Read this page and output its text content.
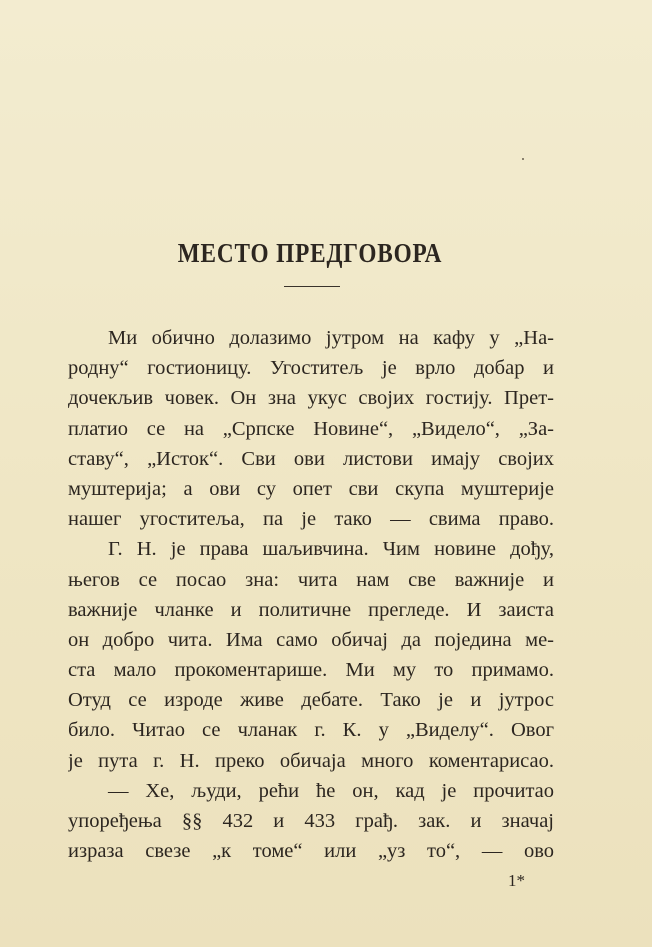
МЕСТО ПРЕДГОВОРА
Ми обично долазимо јутром на кафу у „На-
родну“ гостионицу. Угоститељ је врло добар и
дочекљив човек. Он зна укус својих гостију. Прет-
платио се на „Српске Новине“, „Видело“, „За-
ставу“, „Исток“. Сви ови листови имају својих
муштерија; а ови су опет сви скупа муштерије
нашег угоститеља, па је тако — свима право.
Г. Н. је права шаљивчина. Чим новине дођу,
његов се посао зна: чита нам све важније и
важније чланке и политичне прегледе. И заиста
он добро чита. Има само обичај да поједина ме-
ста мало прокоментарише. Ми му то примамо.
Отуд се изроде живе дебате. Тако је и јутрос
било. Читао се чланак г. К. у „Виделу“. Овог
је пута г. Н. преко обичаја много коментарисао.
— Хе, људи, рећи ће он, кад је прочитао
упоређења §§ 432 и 433 грађ. зак. и значај
израза свезе „к томе“ или „уз то“, — ово
1*
